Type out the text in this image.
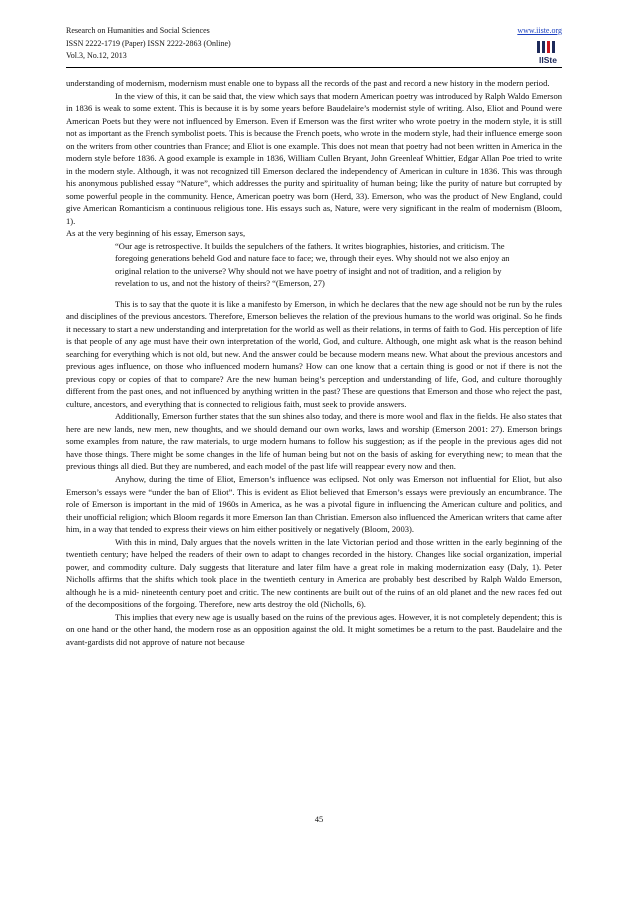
Research on Humanities and Social Sciences
ISSN 2222-1719 (Paper) ISSN 2222-2863 (Online)
Vol.3, No.12, 2013
www.iiste.org
IISte

understanding of modernism, modernism must enable one to bypass all the records of the past and record a new history in the modern period.

In the view of this, it can be said that, the view which says that modern American poetry was introduced by Ralph Waldo Emerson in 1836 is weak to some extent. This is because it is by some years before Baudelaire’s modernist style of writing. Also, Eliot and Pound were American Poets but they were not influenced by Emerson. Even if Emerson was the first writer who wrote poetry in the modern style, it is still not as important as the French symbolist poets. This is because the French poets, who wrote in the modern style, had their influence emerge soon on the writers from other countries than France; and Eliot is one example. This does not mean that poetry had not been written in America in the modern style before 1836. A good example is example in 1836, William Cullen Bryant, John Greenleaf Whittier, Edgar Allan Poe tried to write in the modern style. Although, it was not recognized till Emerson declared the independency of American in culture in 1836. This was through his anonymous published essay “Nature”, which addresses the purity and spirituality of human being; like the purity of nature but corrupted by some powerful people in the community. Hence, American poetry was born (Herd, 33). Emerson, who was the product of New England, could give American Romanticism a continuous religious tone. His essays such as, Nature, were very significant in the realm of modernism (Bloom, 1).

As at the very beginning of his essay, Emerson says,

“Our age is retrospective. It builds the sepulchers of the fathers. It writes biographies, histories, and criticism. The foregoing generations beheld God and nature face to face; we, through their eyes. Why should not we also enjoy an original relation to the universe? Why should not we have poetry of insight and not of tradition, and a religion by revelation to us, and not the history of theirs? “(Emerson, 27)

This is to say that the quote it is like a manifesto by Emerson, in which he declares that the new age should not be run by the rules and disciplines of the previous ancestors. Therefore, Emerson believes the relation of the previous humans to the world was original. So he finds it necessary to start a new understanding and interpretation for the world as well as their relations, in terms of faith to God. His perception of life is that people of any age must have their own interpretation of the world, God, and culture. Although, one might ask what is the reason behind searching for everything which is not old, but new. And the answer could be because modern means new. What about the previous ancestors and previous ages influence, on those who influenced modern humans? How can one know that a certain thing is good or not if there is not the previous copy or copies of that to compare? Are the new human being’s perception and understanding of life, God, and culture thoroughly different from the past ones, and not influenced by anything written in the past? These are questions that Emerson and those who reject the past, culture, ancestors, and everything that is connected to religious faith, must seek to provide answers.

Additionally, Emerson further states that the sun shines also today, and there is more wool and flax in the fields. He also states that here are new lands, new men, new thoughts, and we should demand our own works, laws and worship (Emerson 2001: 27). Emerson brings some examples from nature, the raw materials, to urge modern humans to follow his suggestion; as if the people in the previous ages did not have those things. There might be some changes in the life of human being but not on the basis of asking for everything new; to mean that the previous things all died. But they are numbered, and each model of the past life will reappear every now and then.

Anyhow, during the time of Eliot, Emerson’s influence was eclipsed. Not only was Emerson not influential for Eliot, but also Emerson’s essays were “under the ban of Eliot”. This is evident as Eliot believed that Emerson’s essays were previously an encumbrance. The role of Emerson is important in the mid of 1960s in America, as he was a pivotal figure in influencing the American culture and politics, and their unofficial religion; which Bloom regards it more Emerson Ian than Christian. Emerson also influenced the American writers that came after him, in a way that tended to express their views on him either positively or negatively (Bloom, 2003).

With this in mind, Daly argues that the novels written in the late Victorian period and those written in the early beginning of the twentieth century; have helped the readers of their own to adapt to changes recorded in the history. Changes like social organization, imperial power, and commodity culture. Daly suggests that literature and later film have a great role in making modernization easy (Daly, 1). Peter Nicholls affirms that the shifts which took place in the twentieth century in America are probably best described by Ralph Waldo Emerson, although he is a mid- nineteenth century poet and critic. The new continents are built out of the ruins of an old planet and the new races fed out of the decompositions of the forgoing. Therefore, new arts destroy the old (Nicholls, 6).

This implies that every new age is usually based on the ruins of the previous ages. However, it is not completely dependent; this is on one hand or the other hand, the modern rose as an opposition against the old. It might sometimes be a return to the past. Baudelaire and the avant-gardists did not approve of nature not because

45
